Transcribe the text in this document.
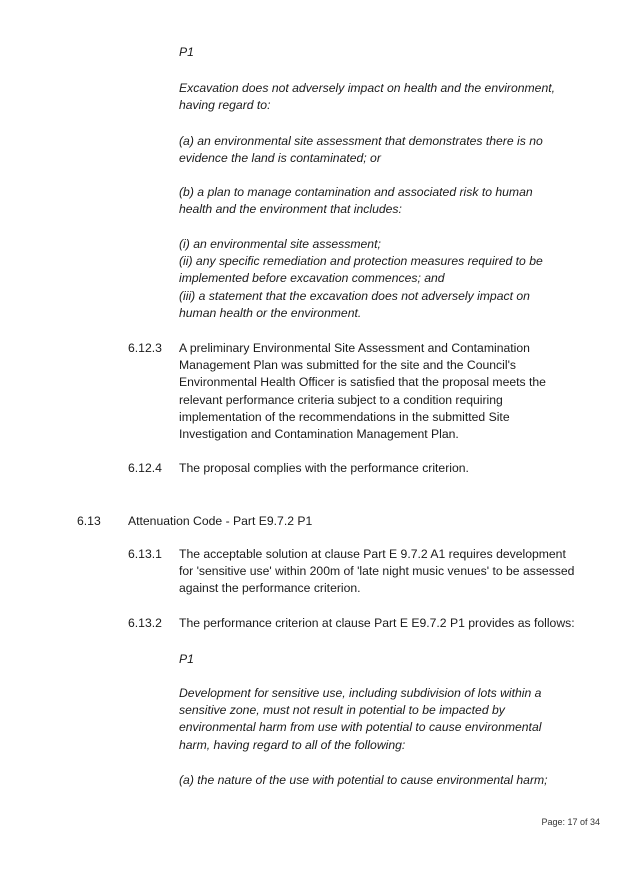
P1

Excavation does not adversely impact on health and the environment,
having regard to:

(a) an environmental site assessment that demonstrates there is no
evidence the land is contaminated; or

(b) a plan to manage contamination and associated risk to human
health and the environment that includes:

(i) an environmental site assessment;
(ii) any specific remediation and protection measures required to be
implemented before excavation commences; and
(iii) a statement that the excavation does not adversely impact on
human health or the environment.

6.12.3 A preliminary Environmental Site Assessment and Contamination
Management Plan was submitted for the site and the Council's
Environmental Health Officer is satisfied that the proposal meets the
relevant performance criteria subject to a condition requiring
implementation of the recommendations in the submitted Site
Investigation and Contamination Management Plan.

6.12.4 The proposal complies with the performance criterion.

6.13 Attenuation Code - Part E9.7.2 P1

6.13.1 The acceptable solution at clause Part E 9.7.2 A1 requires development
for 'sensitive use' within 200m of 'late night music venues' to be assessed
against the performance criterion.

6.13.2 The performance criterion at clause Part E E9.7.2 P1 provides as follows:

P1

Development for sensitive use, including subdivision of lots within a
sensitive zone, must not result in potential to be impacted by
environmental harm from use with potential to cause environmental
harm, having regard to all of the following:

(a) the nature of the use with potential to cause environmental harm;

Page: 17 of 34
